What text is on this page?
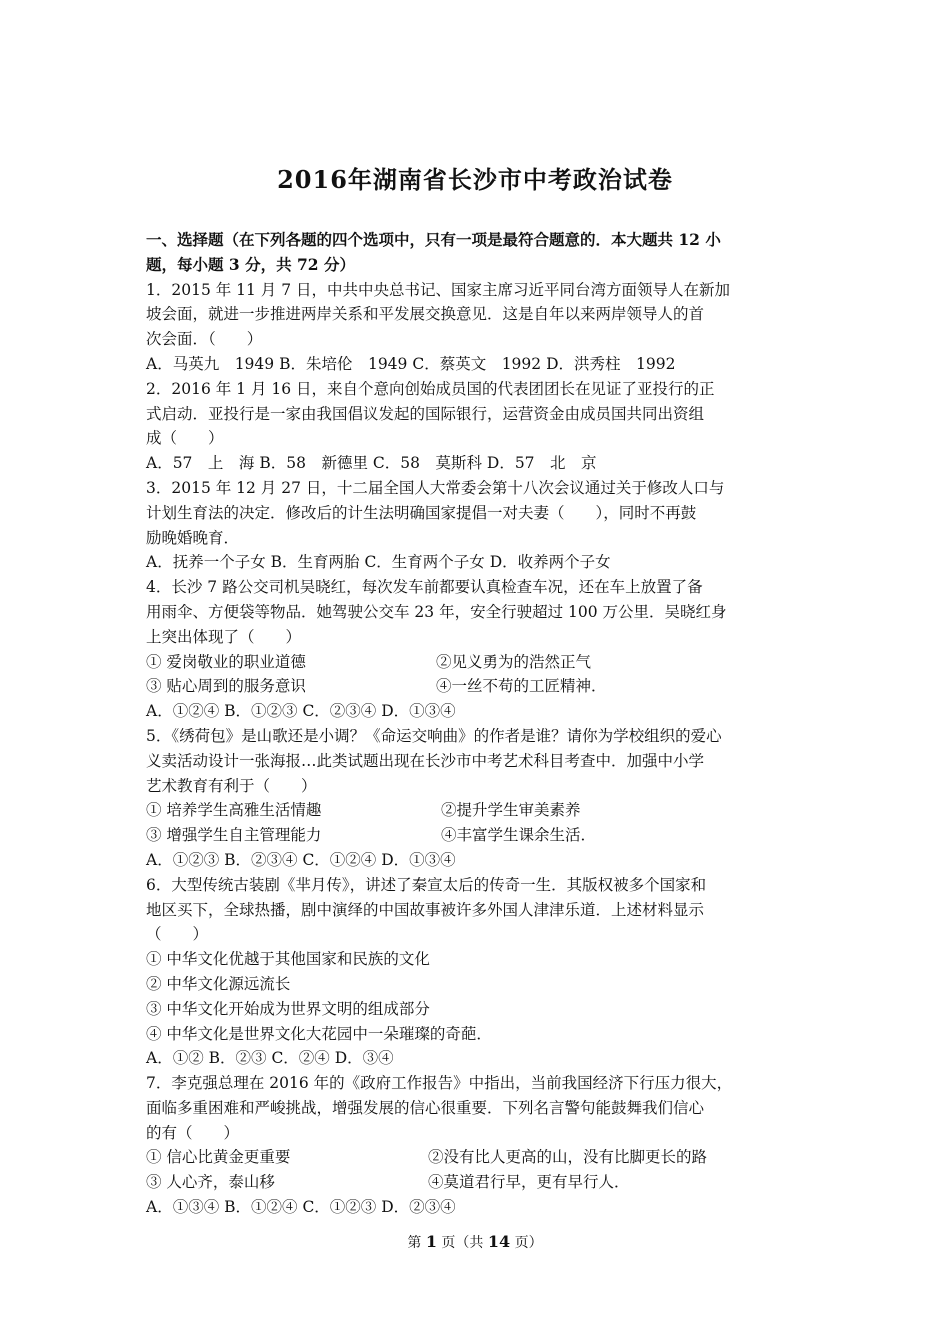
2016年湖南省长沙市中考政治试卷
一、选择题（在下列各题的四个选项中，只有一项是最符合题意的．本大题共 12 小
题，每小题 3 分，共 72 分）
1．2015 年 11 月 7 日，中共中央总书记、国家主席习近平同台湾方面领导人在新加
坡会面，就进一步推进两岸关系和平发展交换意见．这是自年以来两岸领导人的首
次会面．（　　）
A．马英九　1949 B．朱培伦　1949 C．蔡英文　1992 D．洪秀柱　1992
2．2016 年 1 月 16 日，来自个意向创始成员国的代表团团长在见证了亚投行的正
式启动．亚投行是一家由我国倡议发起的国际银行，运营资金由成员国共同出资组
成（　　）
A．57　上　海 B．58　新德里 C．58　莫斯科 D．57　北　京
3．2015 年 12 月 27 日，十二届全国人大常委会第十八次会议通过关于修改人口与
计划生育法的决定．修改后的计生法明确国家提倡一对夫妻（　　），同时不再鼓
励晚婚晚育．
A．抚养一个子女 B．生育两胎 C．生育两个子女 D．收养两个子女
4．长沙 7 路公交司机吴晓红，每次发车前都要认真检查车况，还在车上放置了备
用雨伞、方便袋等物品．她驾驶公交车 23 年，安全行驶超过 100 万公里．吴晓红身
上突出体现了（　　）
① 爱岗敬业的职业道德	②见义勇为的浩然正气
③ 贴心周到的服务意识	④一丝不苟的工匠精神．
A．①②④ B．①②③ C．②③④ D．①③④
5．《绣荷包》是山歌还是小调？《命运交响曲》的作者是谁？请你为学校组织的爱心
义卖活动设计一张海报…此类试题出现在长沙市中考艺术科目考查中．加强中小学
艺术教育有利于（　　）
① 培养学生高雅生活情趣	②提升学生审美素养
③ 增强学生自主管理能力	④丰富学生课余生活．
A．①②③ B．②③④ C．①②④ D．①③④
6．大型传统古装剧《芈月传》，讲述了秦宣太后的传奇一生．其版权被多个国家和
地区买下，全球热播，剧中演绎的中国故事被许多外国人津津乐道．上述材料显示
（　　）
① 中华文化优越于其他国家和民族的文化
② 中华文化源远流长
③ 中华文化开始成为世界文明的组成部分
④ 中华文化是世界文化大花园中一朵璀璨的奇葩．
A．①② B．②③ C．②④ D．③④
7．李克强总理在 2016 年的《政府工作报告》中指出，当前我国经济下行压力很大，
面临多重困难和严峻挑战，增强发展的信心很重要．下列名言警句能鼓舞我们信心
的有（　　）
① 信心比黄金更重要	②没有比人更高的山，没有比脚更长的路
③ 人心齐，泰山移	④莫道君行早，更有早行人．
A．①③④ B．①②④ C．①②③ D．②③④
第 1 页（共 14 页）
